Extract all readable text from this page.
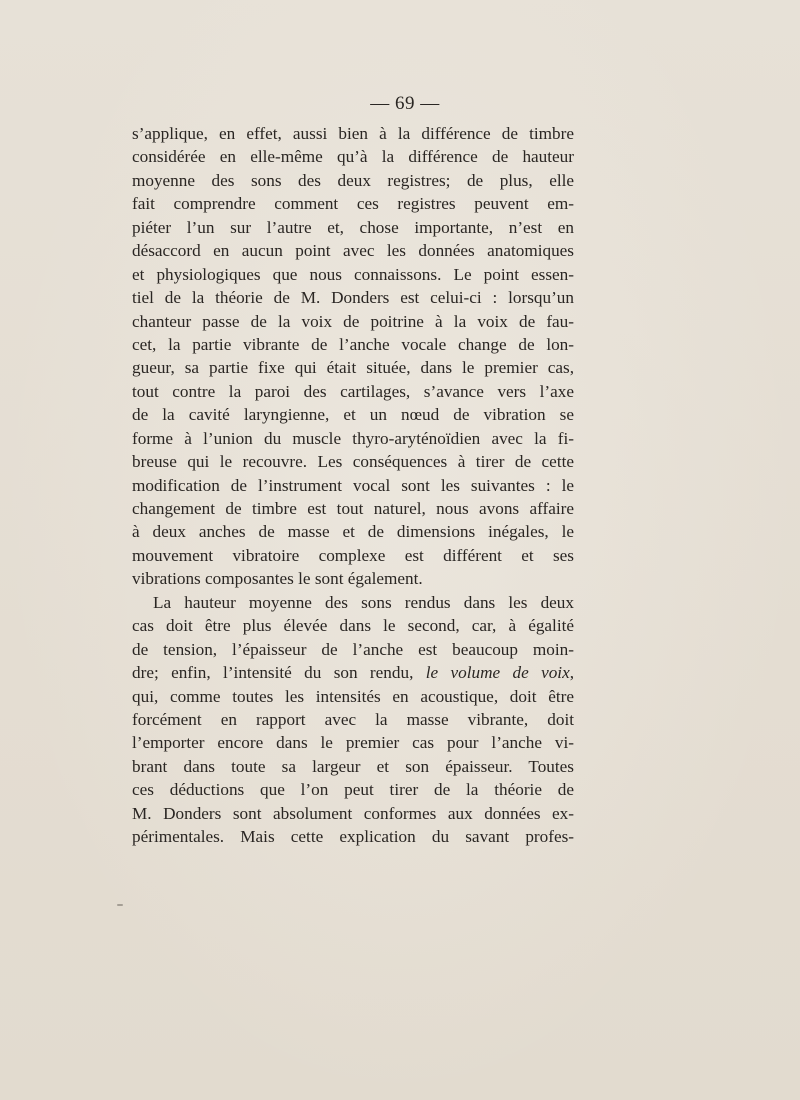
— 69 —
s’applique, en effet, aussi bien à la différence de timbre
considérée en elle-même qu’à la différence de hauteur
moyenne des sons des deux registres; de plus, elle
fait comprendre comment ces registres peuvent em-
piéter l’un sur l’autre et, chose importante, n’est en
désaccord en aucun point avec les données anatomiques
et physiologiques que nous connaissons. Le point essen-
tiel de la théorie de M. Donders est celui-ci : lorsqu’un
chanteur passe de la voix de poitrine à la voix de fau-
cet, la partie vibrante de l’anche vocale change de lon-
gueur, sa partie fixe qui était située, dans le premier cas,
tout contre la paroi des cartilages, s’avance vers l’axe
de la cavité laryngienne, et un nœud de vibration se
forme à l’union du muscle thyro-aryténoïdien avec la fi-
breuse qui le recouvre. Les conséquences à tirer de cette
modification de l’instrument vocal sont les suivantes : le
changement de timbre est tout naturel, nous avons affaire
à deux anches de masse et de dimensions inégales, le
mouvement vibratoire complexe est différent et ses
vibrations composantes le sont également.
La hauteur moyenne des sons rendus dans les deux
cas doit être plus élevée dans le second, car, à égalité
de tension, l’épaisseur de l’anche est beaucoup moin-
dre; enfin, l’intensité du son rendu, le volume de voix,
qui, comme toutes les intensités en acoustique, doit être
forcément en rapport avec la masse vibrante, doit
l’emporter encore dans le premier cas pour l’anche vi-
brant dans toute sa largeur et son épaisseur. Toutes
ces déductions que l’on peut tirer de la théorie de
M. Donders sont absolument conformes aux données ex-
périmentales. Mais cette explication du savant profes-
